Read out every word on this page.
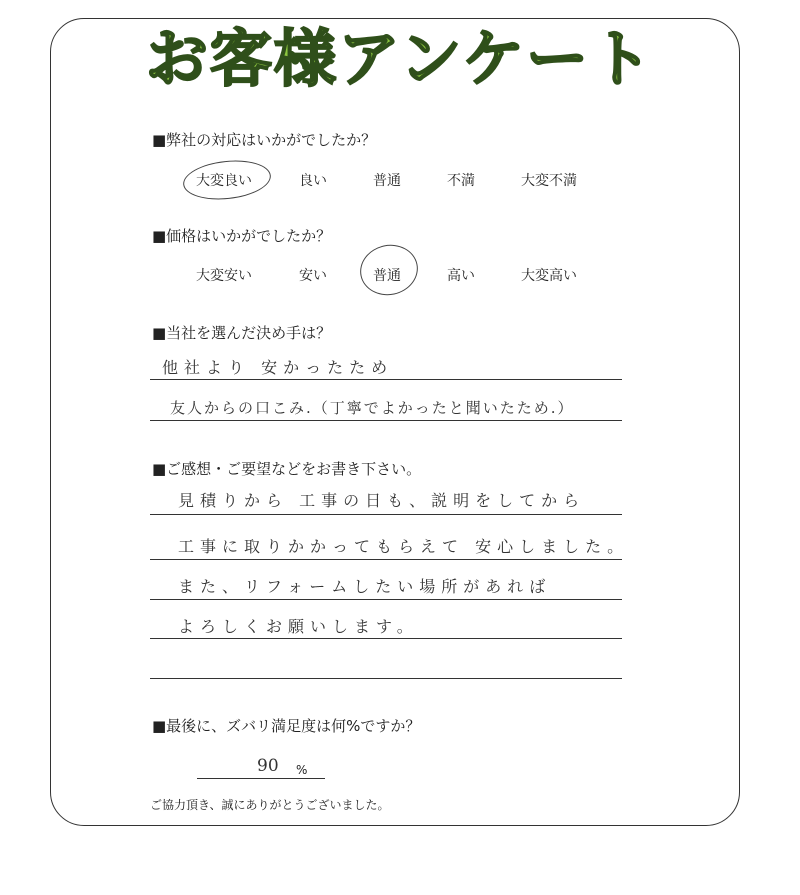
お客様アンケート
■弊社の対応はいかがでしたか？
大変良い	良い	普通	不満	大変不満
■価格はいかがでしたか？
大変安い	安い	普通	高い	大変高い
■当社を選んだ決め手は？
他社より 安かったため
友人からの口こみ.（丁寧でよかったと聞いたため.）
■ご感想・ご要望などをお書き下さい。
見積りから 工事の日も、説明をしてから
工事に取りかかってもらえて 安心しました。
また、リフォームしたい場所があれば
よろしくお願いします。
■最後に、ズバリ満足度は何%ですか？
90 %
ご協力頂き、誠にありがとうございました。
